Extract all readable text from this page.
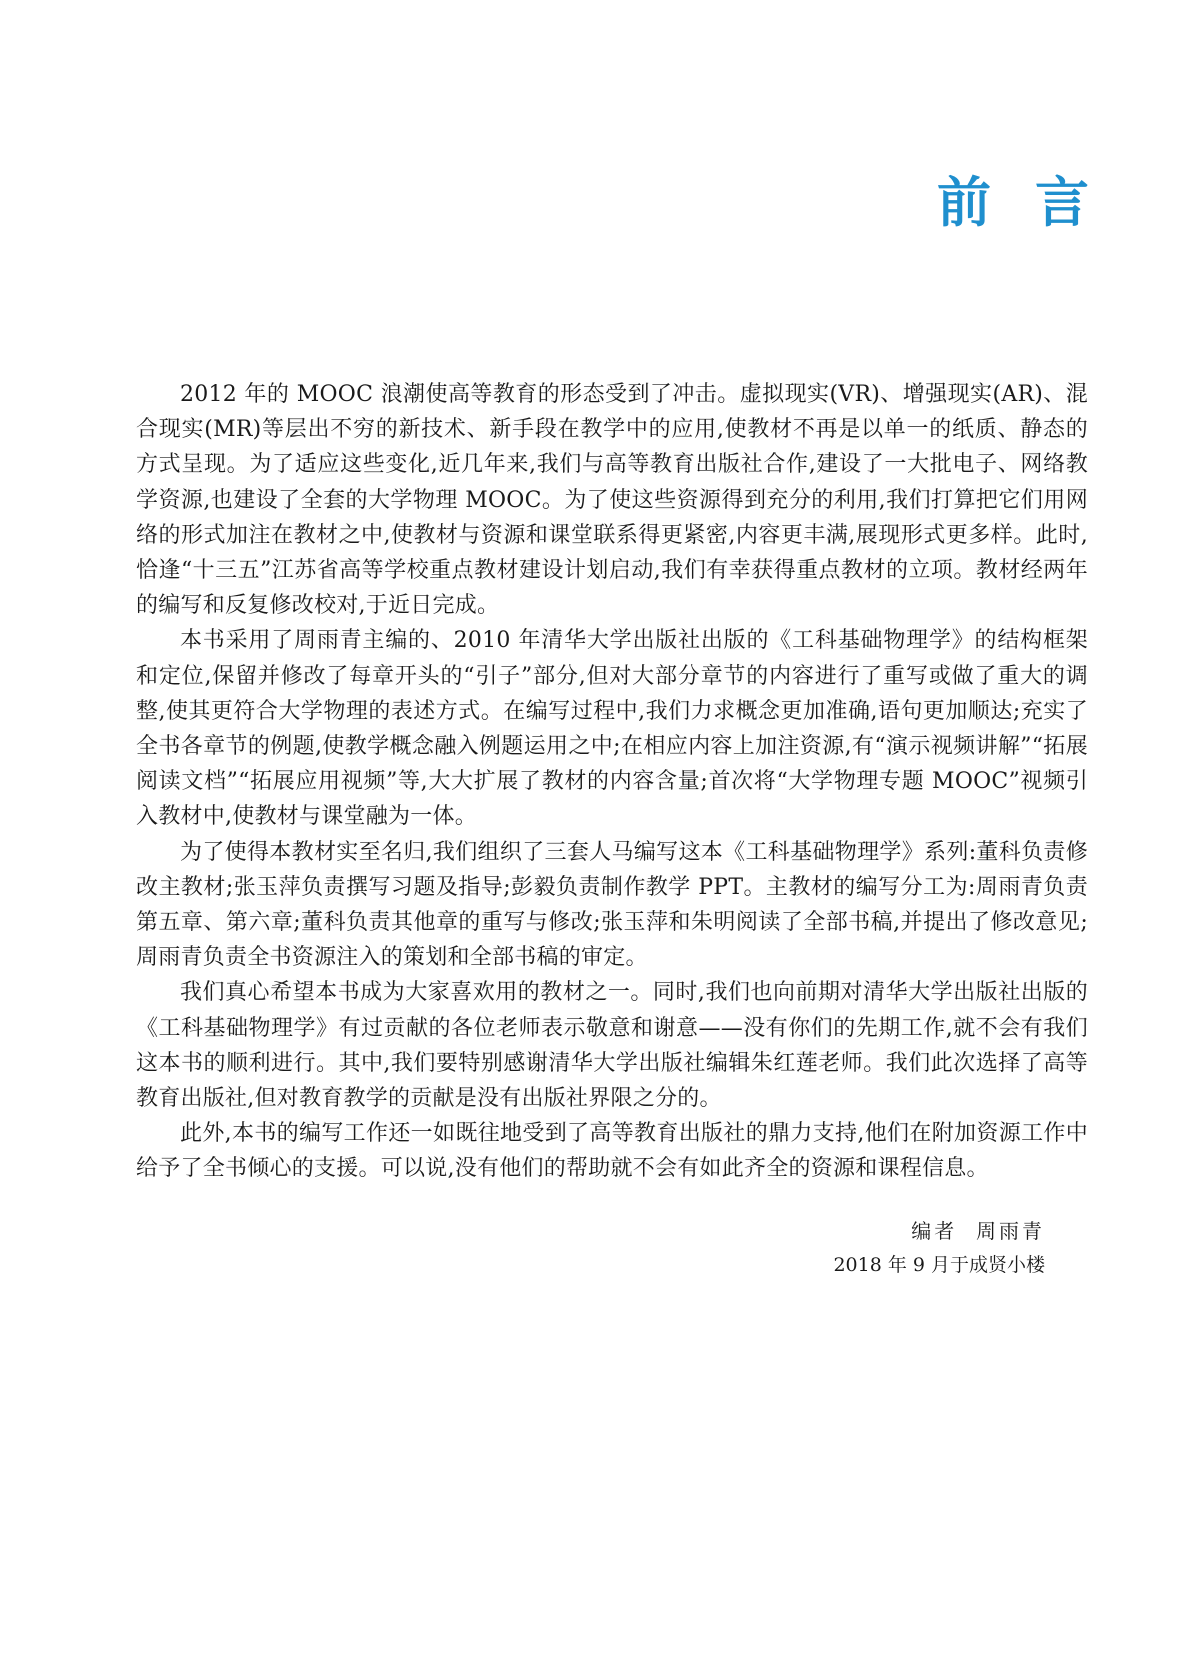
前言

2012 年的 MOOC 浪潮使高等教育的形态受到了冲击。虚拟现实(VR)、增强现实(AR)、混合现实(MR)等层出不穷的新技术、新手段在教学中的应用,使教材不再是以单一的纸质、静态的方式呈现。为了适应这些变化,近几年来,我们与高等教育出版社合作,建设了一大批电子、网络教学资源,也建设了全套的大学物理 MOOC。为了使这些资源得到充分的利用,我们打算把它们用网络的形式加注在教材之中,使教材与资源和课堂联系得更紧密,内容更丰满,展现形式更多样。此时,恰逢“十三五”江苏省高等学校重点教材建设计划启动,我们有幸获得重点教材的立项。教材经两年的编写和反复修改校对,于近日完成。

本书采用了周雨青主编的、2010 年清华大学出版社出版的《工科基础物理学》的结构框架和定位,保留并修改了每章开头的“引子”部分,但对大部分章节的内容进行了重写或做了重大的调整,使其更符合大学物理的表述方式。在编写过程中,我们力求概念更加准确,语句更加顺达;充实了全书各章节的例题,使教学概念融入例题运用之中;在相应内容上加注资源,有“演示视频讲解”“拓展阅读文档”“拓展应用视频”等,大大扩展了教材的内容含量;首次将“大学物理专题 MOOC”视频引入教材中,使教材与课堂融为一体。

为了使得本教材实至名归,我们组织了三套人马编写这本《工科基础物理学》系列:董科负责修改主教材;张玉萍负责撰写习题及指导;彭毅负责制作教学 PPT。主教材的编写分工为:周雨青负责第五章、第六章;董科负责其他章的重写与修改;张玉萍和朱明阅读了全部书稿,并提出了修改意见;周雨青负责全书资源注入的策划和全部书稿的审定。

我们真心希望本书成为大家喜欢用的教材之一。同时,我们也向前期对清华大学出版社出版的《工科基础物理学》有过贡献的各位老师表示敬意和谢意——没有你们的先期工作,就不会有我们这本书的顺利进行。其中,我们要特别感谢清华大学出版社编辑朱红莲老师。我们此次选择了高等教育出版社,但对教育教学的贡献是没有出版社界限之分的。

此外,本书的编写工作还一如既往地受到了高等教育出版社的鼎力支持,他们在附加资源工作中给予了全书倾心的支援。可以说,没有他们的帮助就不会有如此齐全的资源和课程信息。

编者  周雨青
2018 年 9 月于成贤小楼
